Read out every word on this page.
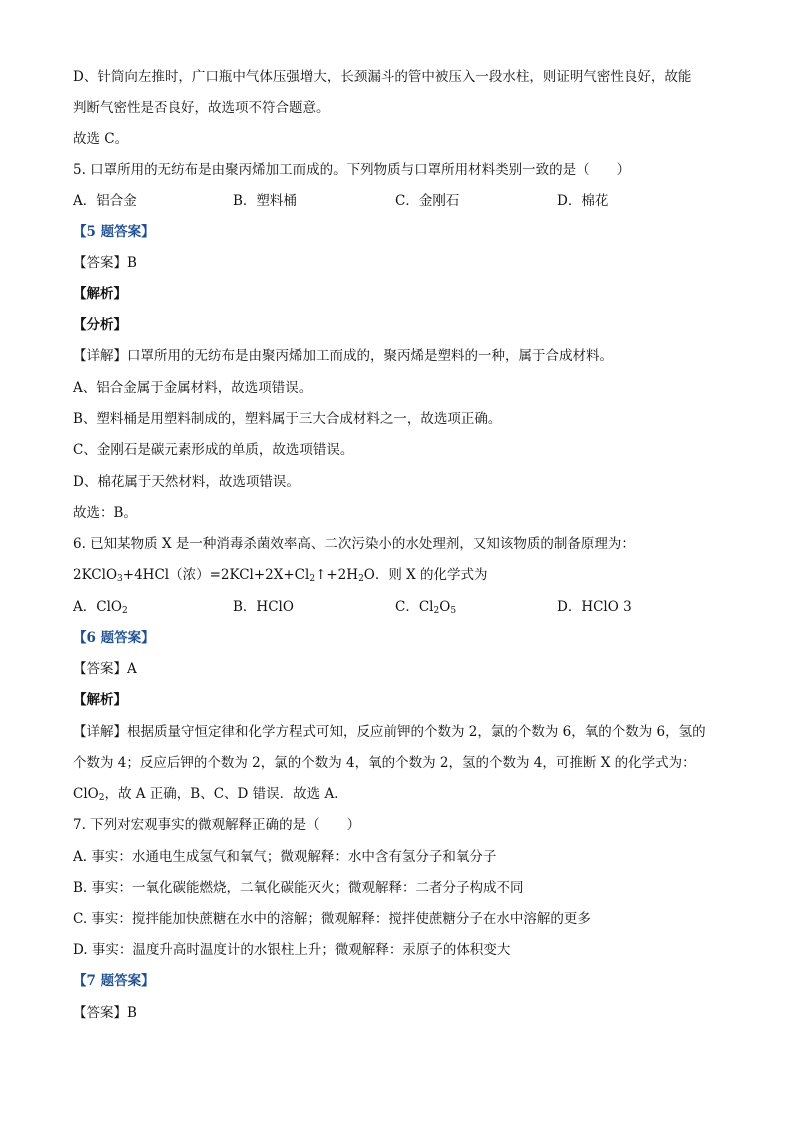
D、针筒向左推时，广口瓶中气体压强增大，长颈漏斗的管中被压入一段水柱，则证明气密性良好，故能
判断气密性是否良好，故选项不符合题意。
故选 C。
5. 口罩所用的无纺布是由聚丙烯加工而成的。下列物质与口罩所用材料类别一致的是（　　）
A．铝合金	B．塑料桶	C．金刚石	D．棉花
【5 题答案】
【答案】B
【解析】
【分析】
【详解】口罩所用的无纺布是由聚丙烯加工而成的，聚丙烯是塑料的一种，属于合成材料。
A、铝合金属于金属材料，故选项错误。
B、塑料桶是用塑料制成的，塑料属于三大合成材料之一，故选项正确。
C、金刚石是碳元素形成的单质，故选项错误。
D、棉花属于天然材料，故选项错误。
故选：B。
6. 已知某物质 X 是一种消毒杀菌效率高、二次污染小的水处理剂，又知该物质的制备原理为：
2KClO$_3$+4HCl（浓）$=2KCl+2X+Cl_2↑+2H_2O$．则 X 的化学式为
A．ClO$_2$	B．HClO	C．$Cl_2O_5$	D．HClO 3
【6 题答案】
【答案】A
【解析】
【详解】根据质量守恒定律和化学方程式可知，反应前钾的个数为 2，氯的个数为 6，氧的个数为 6，氢的
个数为 4；反应后钾的个数为 2，氯的个数为 4，氧的个数为 2，氢的个数为 4，可推断 X 的化学式为：
ClO$_2$，故 A 正确，B、C、D 错误．故选 A．
7. 下列对宏观事实的微观解释正确的是（　　）
A. 事实：水通电生成氢气和氧气；微观解释：水中含有氢分子和氧分子
B. 事实：一氧化碳能燃烧，二氧化碳能灭火；微观解释：二者分子构成不同
C. 事实：搅拌能加快蔗糖在水中的溶解；微观解释：搅拌使蔗糖分子在水中溶解的更多
D. 事实：温度升高时温度计的水银柱上升；微观解释：汞原子的体积变大
【7 题答案】
【答案】B
